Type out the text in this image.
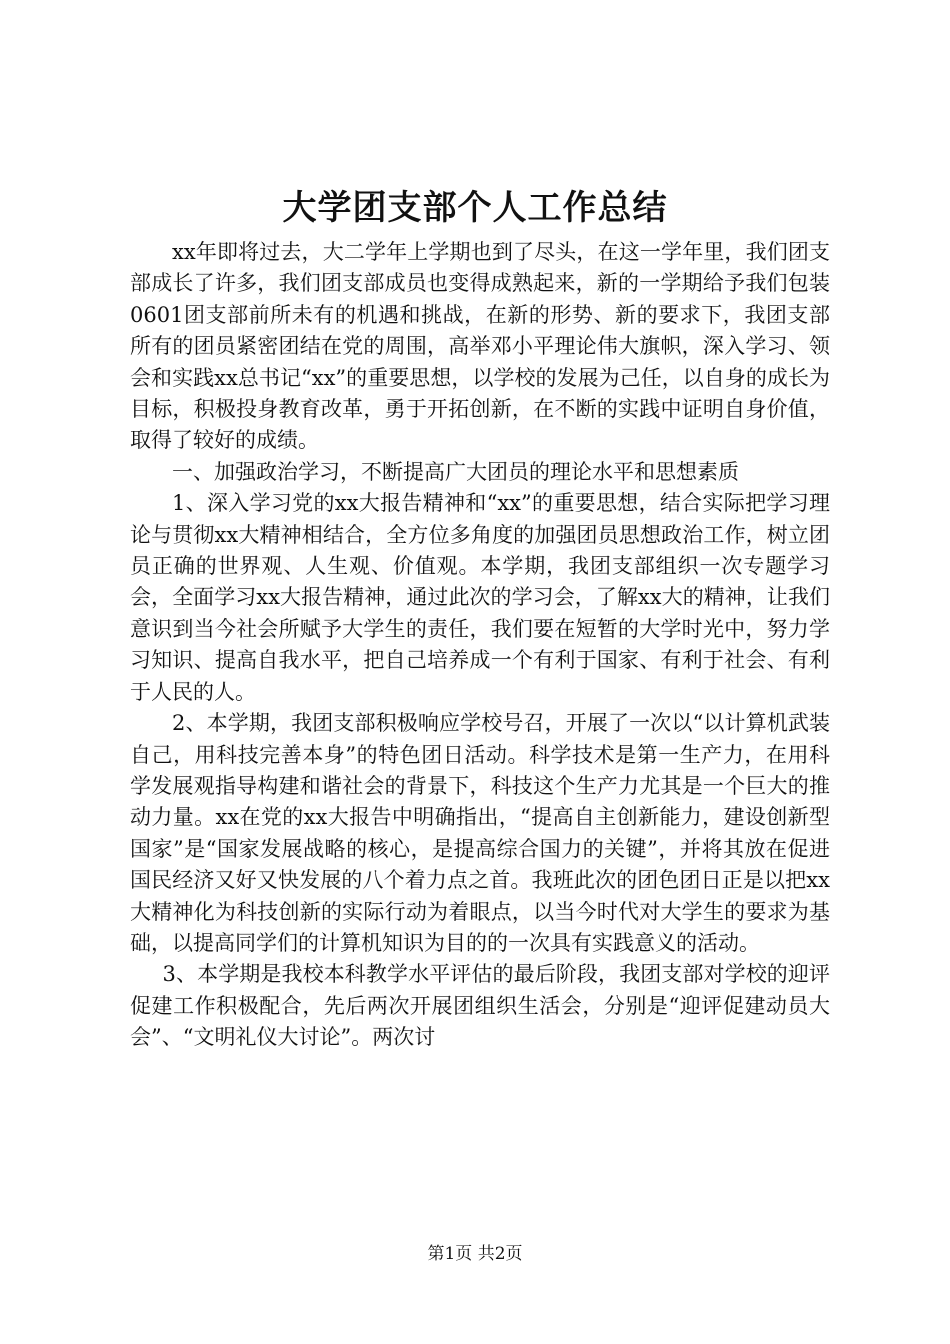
大学团支部个人工作总结

xx年即将过去，大二学年上学期也到了尽头，在这一学年里，我们团支部成长了许多，我们团支部成员也变得成熟起来，新的一学期给予我们包装0601团支部前所未有的机遇和挑战，在新的形势、新的要求下，我团支部所有的团员紧密团结在党的周围，高举邓小平理论伟大旗帜，深入学习、领会和实践xx总书记“xx”的重要思想，以学校的发展为己任，以自身的成长为目标，积极投身教育改革，勇于开拓创新，在不断的实践中证明自身价值，取得了较好的成绩。

一、加强政治学习，不断提高广大团员的理论水平和思想素质

1、深入学习党的xx大报告精神和“xx”的重要思想，结合实际把学习理论与贯彻xx大精神相结合，全方位多角度的加强团员思想政治工作，树立团员正确的世界观、人生观、价值观。本学期，我团支部组织一次专题学习会，全面学习xx大报告精神，通过此次的学习会，了解xx大的精神，让我们意识到当今社会所赋予大学生的责任，我们要在短暂的大学时光中，努力学习知识、提高自我水平，把自己培养成一个有利于国家、有利于社会、有利于人民的人。

2、本学期，我团支部积极响应学校号召，开展了一次以“以计算机武装自己，用科技完善本身”的特色团日活动。科学技术是第一生产力，在用科学发展观指导构建和谐社会的背景下，科技这个生产力尤其是一个巨大的推动力量。xx在党的xx大报告中明确指出，“提高自主创新能力，建设创新型国家”是“国家发展战略的核心，是提高综合国力的关键”，并将其放在促进国民经济又好又快发展的八个着力点之首。我班此次的团色团日正是以把xx大精神化为科技创新的实际行动为着眼点，以当今时代对大学生的要求为基础，以提高同学们的计算机知识为目的的一次具有实践意义的活动。

3、本学期是我校本科教学水平评估的最后阶段，我团支部对学校的迎评促建工作积极配合，先后两次开展团组织生活会，分别是“迎评促建动员大会”、“文明礼仪大讨论”。两次讨

第1页 共2页
